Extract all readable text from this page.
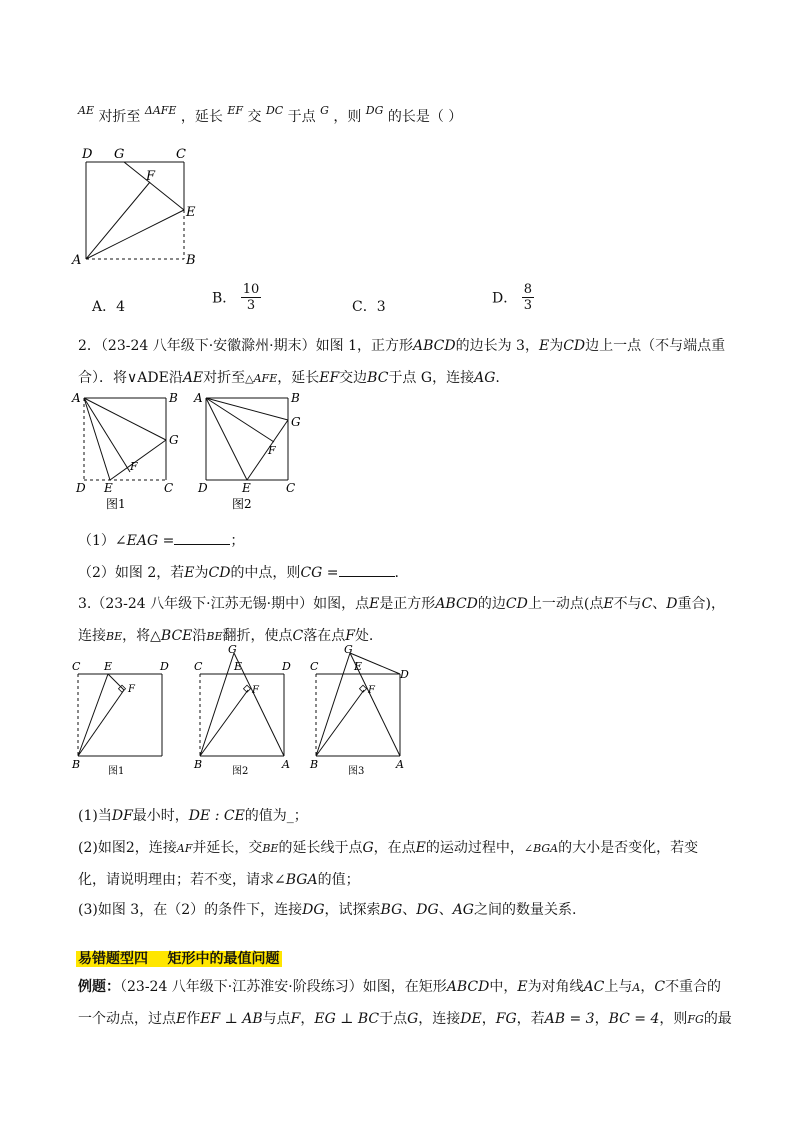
$^{AE}$ 对折至 $^{\Delta AFE}$ ，延长 $^{EF}$ 交 $^{DC}$ 于点 $^G$ ，则 $^{DG}$ 的长是（ ）
D G	C
F
E
A	B
A．4
B． $\frac{10}{3}$	C．3
D． $\frac{8}{3}$
2．（23-24 八年级下·安徽滁州·期末）如图 1，正方形ABCD的边长为 3，E为CD边上一点（不与端点重
合）．将∨ADE沿AE对折至△AFE，延长EF交边BC于点 G，连接AG.
A	B
G
F
D E	C
图1
A	B
G
F
D	E	C
图2
（1）∠EAG =	；
（2）如图 2，若E为CD的中点，则CG =	.
3.（23-24 八年级下·江苏无锡·期中）如图，点E是正方形ABCD的边CD上一动点(点E不与C、D重合)，
连接BE，将△BCE沿BE翻折，使点C落在点F处.
C E	D
F
B
图1
G
C	E	D
F
B	A
图2
G
C	E
D
F
B	A
图3
(1)当DF最小时，DE : CE的值为_；
(2)如图2，连接AF并延长，交BE的延长线于点G，在点E的运动过程中，∠BGA的大小是否变化，若变
化，请说明理由；若不变，请求∠BGA的值；
(3)如图 3，在（2）的条件下，连接DG，试探索BG、DG、AG之间的数量关系.
易错题型四    矩形中的最值问题
例题：（23-24 八年级下·江苏淮安·阶段练习）如图，在矩形ABCD中，E为对角线AC上与A，C不重合的
一个动点，过点E作EF ⊥ AB与点F，EG ⊥ BC于点G，连接DE，FG，若AB = 3，BC = 4，则FG的最
